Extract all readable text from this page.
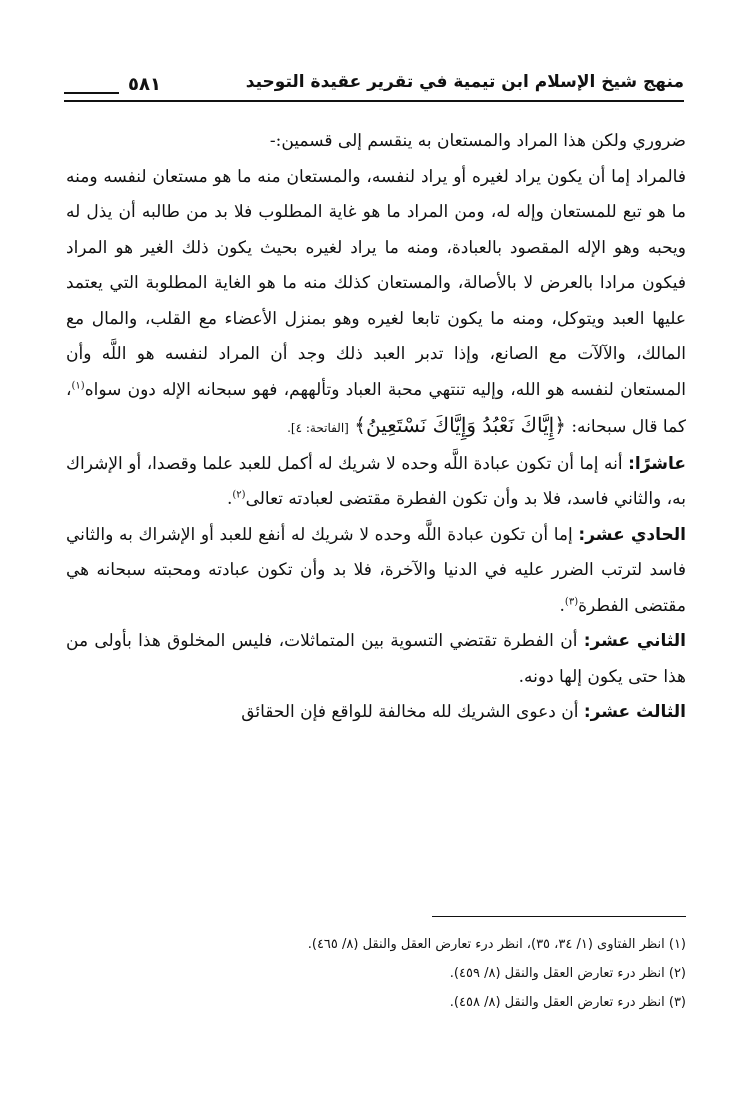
منهج شيخ الإسلام ابن تيمية في تقرير عقيدة التوحيد
٥٨١

ضروري ولكن هذا المراد والمستعان به ينقسم إلى قسمين:-

فالمراد إما أن يكون يراد لغيره أو يراد لنفسه، والمستعان منه ما هو مستعان لنفسه ومنه ما هو تبع للمستعان وإله له، ومن المراد ما هو غاية المطلوب فلا بد من طالبه أن يذل له ويحبه وهو الإله المقصود بالعبادة، ومنه ما يراد لغيره بحيث يكون ذلك الغير هو المراد فيكون مرادا بالعرض لا بالأصالة، والمستعان كذلك منه ما هو الغاية المطلوبة التي يعتمد عليها العبد ويتوكل، ومنه ما يكون تابعا لغيره وهو بمنزل الأعضاء مع القلب، والمال مع المالك، والآلآت مع الصانع، وإذا تدبر العبد ذلك وجد أن المراد لنفسه هو اللَّه وأن المستعان لنفسه هو الله، وإليه تنتهي محبة العباد وتألههم، فهو سبحانه الإله دون سواه$^{(١)}$، كما قال سبحانه: ﴿إِيَّاكَ نَعْبُدُ وَإِيَّاكَ نَسْتَعِينُ﴾ [الفاتحة: ٤].

عاشرًا: أنه إما أن تكون عبادة اللَّه وحده لا شريك له أكمل للعبد علما وقصدا، أو الإشراك به، والثاني فاسد، فلا بد وأن تكون الفطرة مقتضى لعبادته تعالى$^{(٢)}$.

الحادي عشر: إما أن تكون عبادة اللَّه وحده لا شريك له أنفع للعبد أو الإشراك به والثاني فاسد لترتب الضرر عليه في الدنيا والآخرة، فلا بد وأن تكون عبادته ومحبته سبحانه هي مقتضى الفطرة$^{(٣)}$.

الثاني عشر: أن الفطرة تقتضي التسوية بين المتماثلات، فليس المخلوق هذا بأولى من هذا حتى يكون إلها دونه.

الثالث عشر: أن دعوى الشريك لله مخالفة للواقع فإن الحقائق

(١) انظر الفتاوى (١/ ٣٤، ٣٥)، انظر درء تعارض العقل والنقل (٨/ ٤٦٥).
(٢) انظر درء تعارض العقل والنقل (٨/ ٤٥٩).
(٣) انظر درء تعارض العقل والنقل (٨/ ٤٥٨).
